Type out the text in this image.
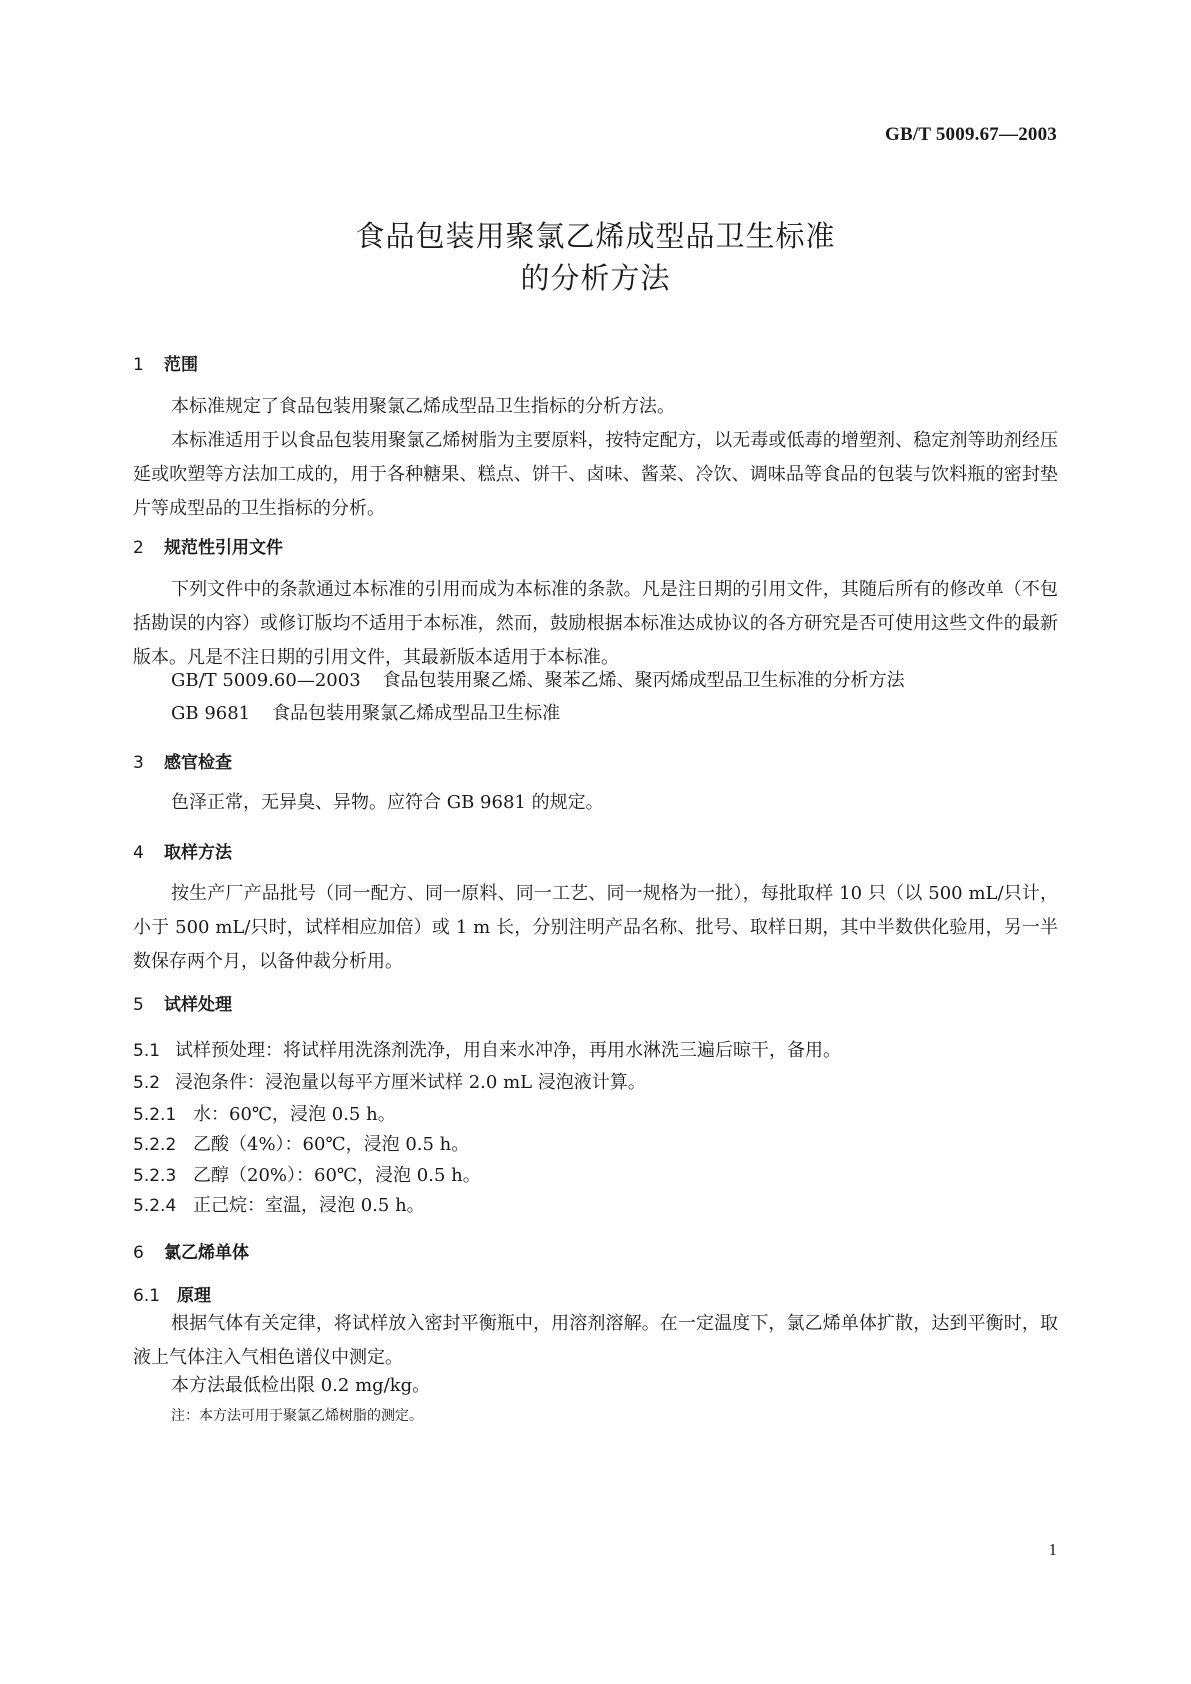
GB/T 5009.67—2003
食品包装用聚氯乙烯成型品卫生标准
的分析方法
1 范围
本标准规定了食品包装用聚氯乙烯成型品卫生指标的分析方法。
本标准适用于以食品包装用聚氯乙烯树脂为主要原料，按特定配方，以无毒或低毒的增塑剂、稳定剂等助剂经压延或吹塑等方法加工成的，用于各种糖果、糕点、饼干、卤味、酱菜、冷饮、调味品等食品的包装与饮料瓶的密封垫片等成型品的卫生指标的分析。
2 规范性引用文件
下列文件中的条款通过本标准的引用而成为本标准的条款。凡是注日期的引用文件，其随后所有的修改单（不包括勘误的内容）或修订版均不适用于本标准，然而，鼓励根据本标准达成协议的各方研究是否可使用这些文件的最新版本。凡是不注日期的引用文件，其最新版本适用于本标准。
GB/T 5009.60—2003 食品包装用聚乙烯、聚苯乙烯、聚丙烯成型品卫生标准的分析方法
GB 9681 食品包装用聚氯乙烯成型品卫生标准
3 感官检查
色泽正常，无异臭、异物。应符合 GB 9681 的规定。
4 取样方法
按生产厂产品批号（同一配方、同一原料、同一工艺、同一规格为一批），每批取样 10 只（以 500 mL/只计，小于 500 mL/只时，试样相应加倍）或 1 m 长，分别注明产品名称、批号、取样日期，其中半数供化验用，另一半数保存两个月，以备仲裁分析用。
5 试样处理
5.1 试样预处理：将试样用洗涤剂洗净，用自来水冲净，再用水淋洗三遍后晾干，备用。
5.2 浸泡条件：浸泡量以每平方厘米试样 2.0 mL 浸泡液计算。
5.2.1 水：60℃，浸泡 0.5 h。
5.2.2 乙酸（4%）：60℃，浸泡 0.5 h。
5.2.3 乙醇（20%）：60℃，浸泡 0.5 h。
5.2.4 正己烷：室温，浸泡 0.5 h。
6 氯乙烯单体
6.1 原理
根据气体有关定律，将试样放入密封平衡瓶中，用溶剂溶解。在一定温度下，氯乙烯单体扩散，达到平衡时，取液上气体注入气相色谱仪中测定。
本方法最低检出限 0.2 mg/kg。
注：本方法可用于聚氯乙烯树脂的测定。
1
